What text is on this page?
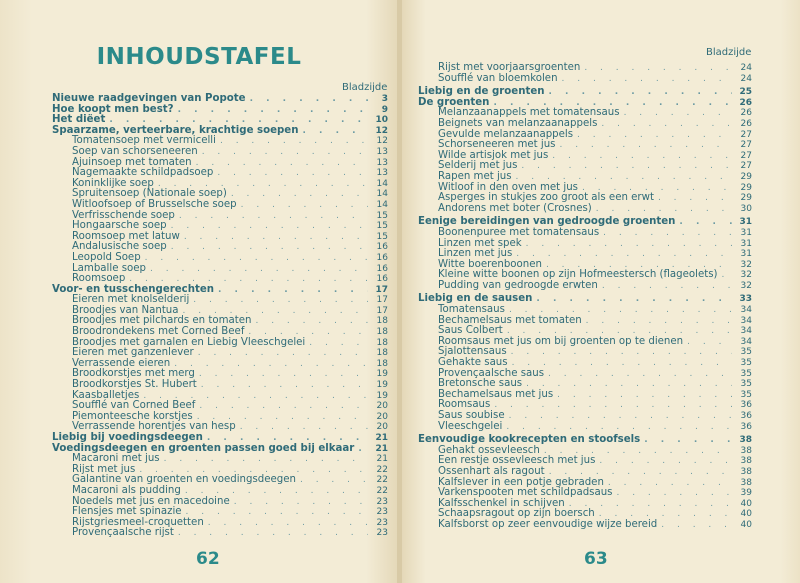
INHOUDSTAFEL
Bladzijde
Nieuwe raadgevingen van Popote . . .	3
Hoe koopt men best? . . .	9
Het diëet . . .	10
Spaarzame, verteerbare, krachtige soepen . . .	12
Tomatensoep met vermicelli . . .	12
Soep van schorseneeren . . .	13
Ajuinsoep met tomaten . . .	13
Nagemaakte schildpadsoep . . .	13
Koninklijke soep . . .	14
Spruitensoep (Nationale soep) . . .	14
Witloofsoep of Brusselsche soep . . .	14
Verfrisschende soep . . .	15
Hongaarsche soep . . .	15
Roomsoep met latuw . . .	15
Andalusische soep . . .	16
Leopold Soep . . .	16
Lamballe soep . . .	16
Roomsoep . . .	16
Voor- en tusschengerechten . . .	17
Eieren met knolselderij . . .	17
Broodjes van Nantua . . .	17
Broodjes met pilchards en tomaten . . .	18
Broodrondekens met Corned Beef . . .	18
Broodjes met garnalen en Liebig Vleeschgelei . . .	18
Eieren met ganzenlever . . .	18
Verrassende eieren . . .	18
Broodkorstjes met merg . . .	19
Broodkorstjes St. Hubert . . .	19
Kaasballetjes . . .	19
Soufflé van Corned Beef . . .	20
Piemonteesche korstjes . . .	20
Verrassende horentjes van hesp . . .	20
Liebig bij voedingsdeegen . . .	21
Voedingsdeegen en groenten passen goed bij elkaar . . .	21
Macaroni met jus . . .	21
Rijst met jus . . .	22
Galantine van groenten en voedingsdeegen . . .	22
Macaroni als pudding . . .	22
Noedels met jus en macedoine . . .	23
Flensjes met spinazie . . .	23
Rijstgriesmeel-croquetten . . .	23
Provençaalsche rijst . . .	23
62
Bladzijde
Rijst met voorjaarsgroenten . . .	24
Soufflé van bloemkolen . . .	24
Liebig en de groenten . . .	25
De groenten . . .	26
Melanzaanappels met tomatensaus . . .	26
Beignets van melanzaanappels . . .	26
Gevulde melanzaanappels . . .	27
Schorseneeren met jus . . .	27
Wilde artisjok met jus . . .	27
Selderij met jus . . .	27
Rapen met jus . . .	29
Witloof in den oven met jus . . .	29
Asperges in stukjes zoo groot als een erwt . . .	29
Andorens met boter (Crosnes) . . .	30
Eenige bereidingen van gedroogde groenten . . .	31
Boonenpuree met tomatensaus . . .	31
Linzen met spek . . .	31
Linzen met jus . . .	31
Witte boerenboonen . . .	32
Kleine witte boonen op zijn Hofmeestersch (flageolets) . . .	32
Pudding van gedroogde erwten . . .	32
Liebig en de sausen . . .	33
Tomatensaus . . .	34
Bechamelsaus met tomaten . . .	34
Saus Colbert . . .	34
Roomsaus met jus om bij groenten op te dienen . . .	34
Sjalottensaus . . .	35
Gehakte saus . . .	35
Provençaalsche saus . . .	35
Bretonsche saus . . .	35
Bechamelsaus met jus . . .	35
Roomsaus . . .	36
Saus soubise . . .	36
Vleeschgelei . . .	36
Eenvoudige kookrecepten en stoofsels . . .	38
Gehakt ossevleesch . . .	38
Een restje ossevleesch met jus . . .	38
Ossenhart als ragout . . .	38
Kalfslever in een potje gebraden . . .	38
Varkenspooten met schildpadsaus . . .	39
Kalfsschenkel in schijven . . .	40
Schaapsragout op zijn boersch . . .	40
Kalfsborst op zeer eenvoudige wijze bereid . . .	40
63
